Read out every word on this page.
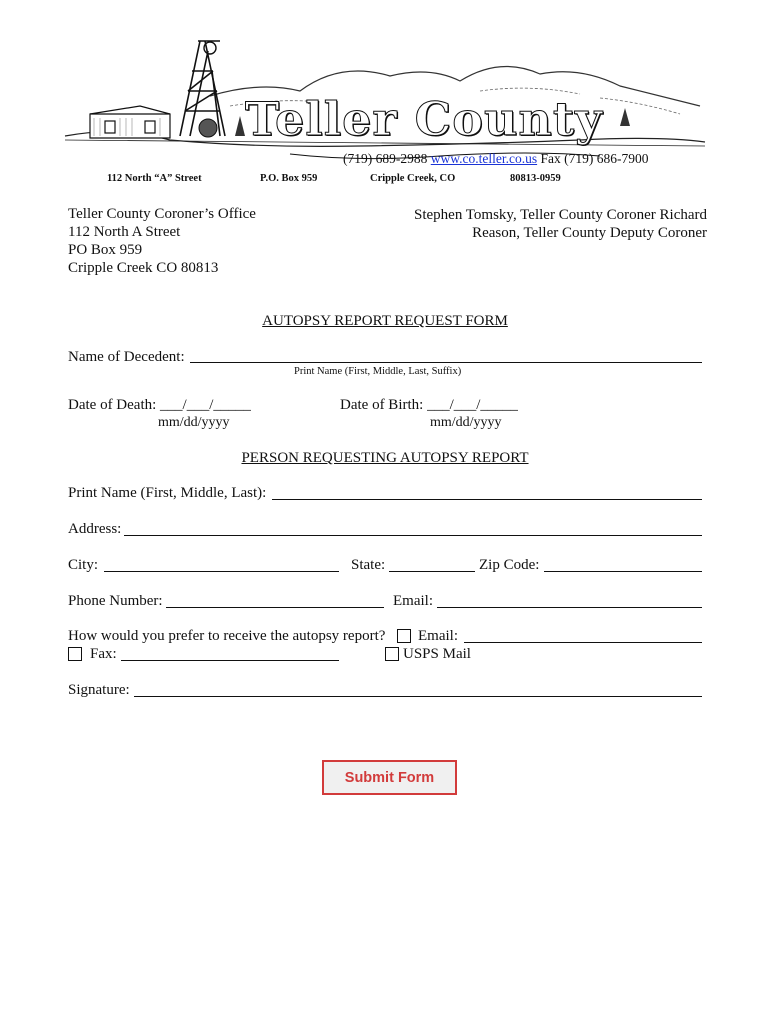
Teller County
(719) 689-2988 www.co.teller.co.us Fax (719) 686-7900
112 North “A” Street	P.O. Box 959	Cripple Creek, CO	80813-0959
Teller County Coroner’s Office
112 North A Street
PO Box 959
Cripple Creek CO 80813
Stephen Tomsky, Teller County Coroner Richard
Reason, Teller County Deputy Coroner
AUTOPSY REPORT REQUEST FORM
Name of Decedent:
Print Name (First, Middle, Last, Suffix)
Date of Death: ___/___/_____
mm/dd/yyyy
Date of Birth: ___/___/_____
mm/dd/yyyy
PERSON REQUESTING AUTOPSY REPORT
Print Name (First, Middle, Last):
Address:
City:	State:	Zip Code:
Phone Number:	Email:
How would you prefer to receive the autopsy report? Email:
Fax:	USPS Mail
Signature:
Submit Form
